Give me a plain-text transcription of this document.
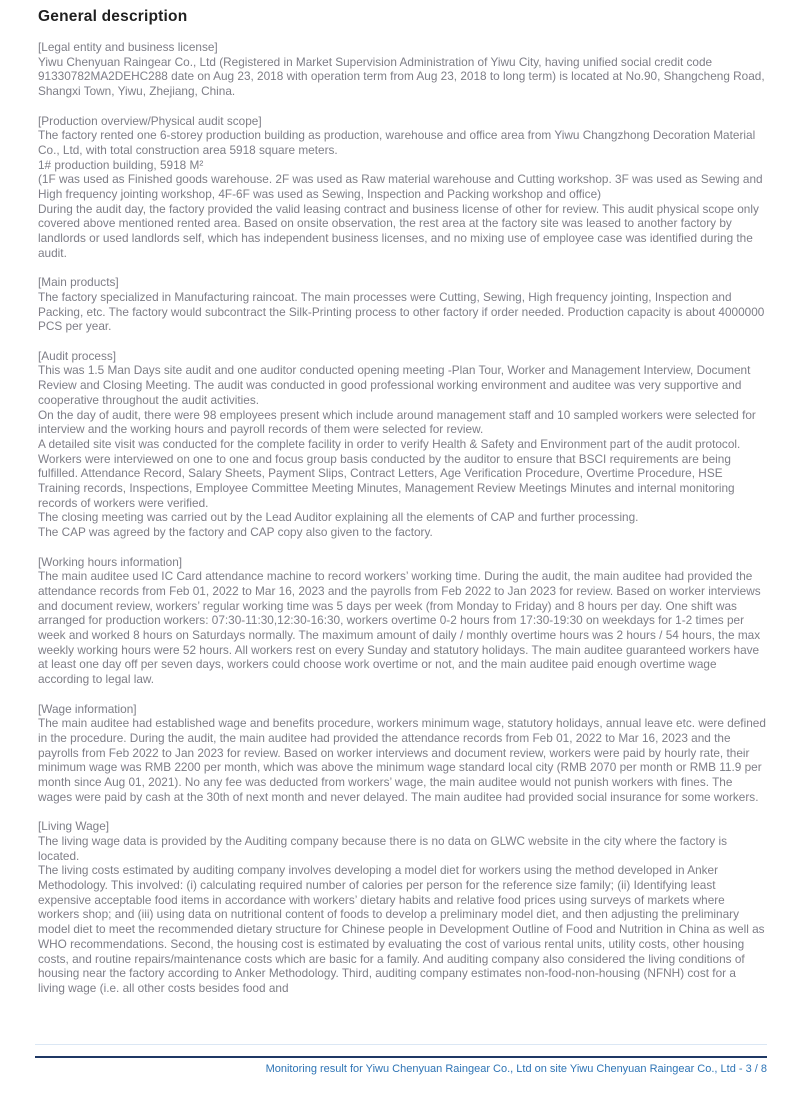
General description
[Legal entity and business license]

Yiwu Chenyuan Raingear Co., Ltd (Registered in Market Supervision Administration of Yiwu City, having unified social credit code 91330782MA2DEHC288 date on Aug 23, 2018 with operation term from Aug 23, 2018 to long term) is located at No.90, Shangcheng Road, Shangxi Town, Yiwu, Zhejiang, China.

[Production overview/Physical audit scope]

The factory rented one 6-storey production building as production, warehouse and office area from Yiwu Changzhong Decoration Material Co., Ltd, with total construction area 5918 square meters.

1# production building, 5918 M²

(1F was used as Finished goods warehouse. 2F was used as Raw material warehouse and Cutting workshop. 3F was used as Sewing and High frequency jointing workshop, 4F-6F was used as Sewing, Inspection and Packing workshop and office)

During the audit day, the factory provided the valid leasing contract and business license of other for review. This audit physical scope only covered above mentioned rented area. Based on onsite observation, the rest area at the factory site was leased to another factory by landlords or used landlords self, which has independent business licenses, and no mixing use of employee case was identified during the audit.

[Main products]

The factory specialized in Manufacturing raincoat. The main processes were Cutting, Sewing, High frequency jointing, Inspection and Packing, etc. The factory would subcontract the Silk-Printing process to other factory if order needed. Production capacity is about 4000000 PCS per year.

[Audit process]

This was 1.5 Man Days site audit and one auditor conducted opening meeting -Plan Tour, Worker and Management Interview, Document Review and Closing Meeting. The audit was conducted in good professional working environment and auditee was very supportive and cooperative throughout the audit activities.

On the day of audit, there were 98 employees present which include around management staff and 10 sampled workers were selected for interview and the working hours and payroll records of them were selected for review.

A detailed site visit was conducted for the complete facility in order to verify Health & Safety and Environment part of the audit protocol. Workers were interviewed on one to one and focus group basis conducted by the auditor to ensure that BSCI requirements are being fulfilled. Attendance Record, Salary Sheets, Payment Slips, Contract Letters, Age Verification Procedure, Overtime Procedure, HSE Training records, Inspections, Employee Committee Meeting Minutes, Management Review Meetings Minutes and internal monitoring records of workers were verified.

The closing meeting was carried out by the Lead Auditor explaining all the elements of CAP and further processing.

The CAP was agreed by the factory and CAP copy also given to the factory.

[Working hours information]

The main auditee used IC Card attendance machine to record workers’ working time. During the audit, the main auditee had provided the attendance records from Feb 01, 2022 to Mar 16, 2023 and the payrolls from Feb 2022 to Jan 2023 for review. Based on worker interviews and document review, workers’ regular working time was 5 days per week (from Monday to Friday) and 8 hours per day. One shift was arranged for production workers: 07:30-11:30,12:30-16:30, workers overtime 0-2 hours from 17:30-19:30 on weekdays for 1-2 times per week and worked 8 hours on Saturdays normally. The maximum amount of daily / monthly overtime hours was 2 hours / 54 hours, the max weekly working hours were 52 hours. All workers rest on every Sunday and statutory holidays. The main auditee guaranteed workers have at least one day off per seven days, workers could choose work overtime or not, and the main auditee paid enough overtime wage according to legal law.

[Wage information]

The main auditee had established wage and benefits procedure, workers minimum wage, statutory holidays, annual leave etc. were defined in the procedure. During the audit, the main auditee had provided the attendance records from Feb 01, 2022 to Mar 16, 2023 and the payrolls from Feb 2022 to Jan 2023 for review. Based on worker interviews and document review, workers were paid by hourly rate, their minimum wage was RMB 2200 per month, which was above the minimum wage standard local city (RMB 2070 per month or RMB 11.9 per month since Aug 01, 2021). No any fee was deducted from workers’ wage, the main auditee would not punish workers with fines. The wages were paid by cash at the 30th of next month and never delayed. The main auditee had provided social insurance for some workers.

[Living Wage]

The living wage data is provided by the Auditing company because there is no data on GLWC website in the city where the factory is located.

The living costs estimated by auditing company involves developing a model diet for workers using the method developed in Anker Methodology. This involved: (i) calculating required number of calories per person for the reference size family; (ii) Identifying least expensive acceptable food items in accordance with workers’ dietary habits and relative food prices using surveys of markets where workers shop; and (iii) using data on nutritional content of foods to develop a preliminary model diet, and then adjusting the preliminary model diet to meet the recommended dietary structure for Chinese people in Development Outline of Food and Nutrition in China as well as WHO recommendations. Second, the housing cost is estimated by evaluating the cost of various rental units, utility costs, other housing costs, and routine repairs/maintenance costs which are basic for a family. And auditing company also considered the living conditions of housing near the factory according to Anker Methodology. Third, auditing company estimates non-food-non-housing (NFNH) cost for a living wage (i.e. all other costs besides food and

Monitoring result for Yiwu Chenyuan Raingear Co., Ltd on site Yiwu Chenyuan Raingear Co., Ltd - 3 / 8
